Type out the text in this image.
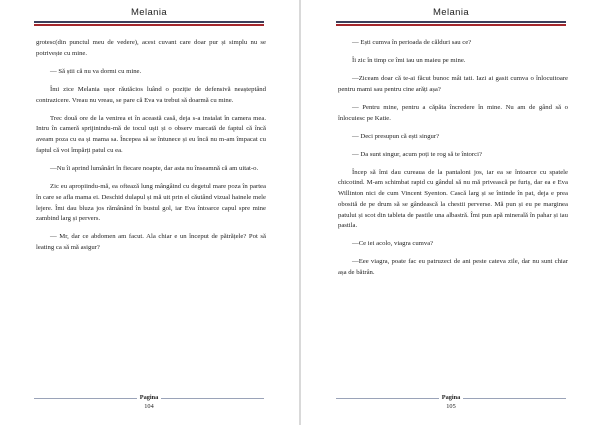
Melania

grotesc(din punctul meu de vedere), acest cuvant care doar pur și simplu nu se potrivește cu mine.

— Să știi că nu va dormi cu mine.

Îmi zice Melania ușor răutăcios luând o poziție de defensivă neașteptând contrazicere. Vreau nu vreau, se pare că Eva va trebui să doarmă cu mine.

Trec două ore de la venirea ei în această casă, deja s-a instalat în camera mea. Intru în cameră sprijinindu-mă de tocul ușii și o observ marcată de faptul că încă aveam poza cu ea și mama sa. Începea să se întunece și eu încă nu m-am împacat cu faptul că voi împărți patul cu ea.

—Nu îi aprind lumânări în fiecare noapte, dar asta nu înseamnă că am uitat-o.

Zic eu apropiindu-mă, ea oftează lung mângâind cu degetul mare poza în partea în care se afla mama ei. Deschid dulapul și mă uit prin el căutând vizual hainele mele lejere. Îmi dau bluza jos rămânând în bustul gol, iar Eva întoarce capul spre mine zambind larg și pervers.

— Mr, dar ce abdomen am facut. Ala chiar e un început de pătrățele? Pot să leating ca să mă asigur?

Pagina
104
Melania

— Ești cumva în perioada de călduri sau ce?

Îi zic în timp ce îmi iau un maieu pe mine.

—Ziceam doar că te-ai făcut bunoc mâi tati. Iazi ai gasit cumva o înlocuitoare pentru mami sau pentru cine arăți așa?

— Pentru mine, pentru a căpăta încredere în mine. Nu am de gând să o înlocuiesc pe Katie.

— Deci presupun că ești singur?

— Da sunt singur, acum poți te rog să te întorci?

Încep să îmi dau cureaua de la pantaloni jos, iar ea se întoarce cu spatele chicotind. M-am schimbat rapid cu gândul să nu mă privească pe furiș, dar ea e Eva Willinton nici de cum Vincent Syenton. Cască larg și se întinde în pat, deja e prea obosită de pe drum să se gândească la chestii perverse. Mă pun și eu pe marginea patului și scot din tableta de pastile una albastră. Îmi pun apă minerală în pahar și iau pastila.

—Ce iei acolo, viagra cumva?

—Eee viagra, poate fac eu patruzeci de ani peste cateva zile, dar nu sunt chiar așa de bătrân.

Pagina
105
